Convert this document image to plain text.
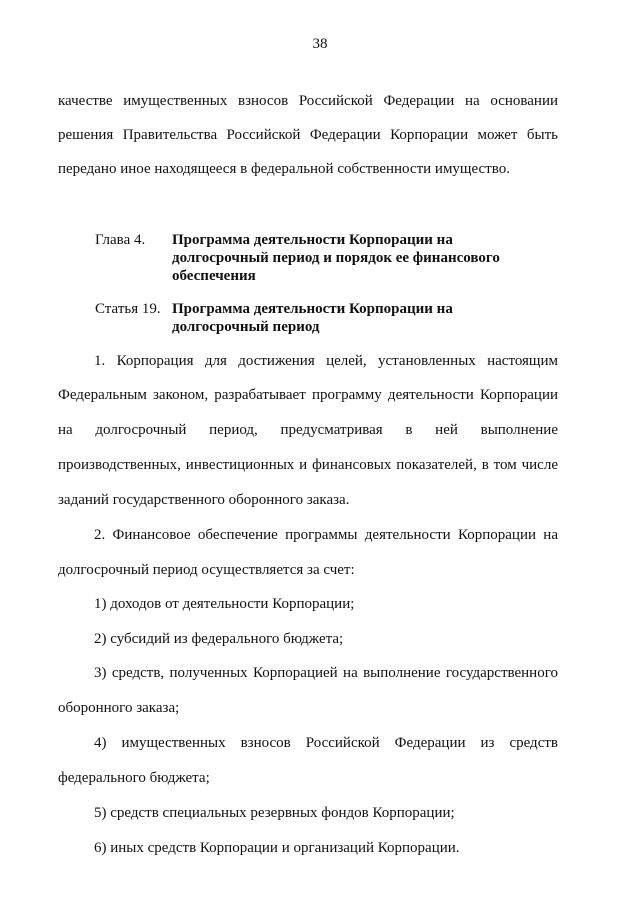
38

качестве имущественных взносов Российской Федерации на основании

решения Правительства Российской Федерации Корпорации может быть

передано иное находящееся в федеральной собственности имущество.

Глава 4.	Программа деятельности Корпорации на долгосрочный период и порядок ее финансового обеспечения
Статья 19. Программа деятельности Корпорации на долгосрочный период

1. Корпорация для достижения целей, установленных настоящим

Федеральным законом, разрабатывает программу деятельности Корпорации

на долгосрочный период, предусматривая в ней выполнение

производственных, инвестиционных и финансовых показателей, в том числе

заданий государственного оборонного заказа.

2. Финансовое обеспечение программы деятельности Корпорации на

долгосрочный период осуществляется за счет:

1) доходов от деятельности Корпорации;

2) субсидий из федерального бюджета;

3) средств, полученных Корпорацией на выполнение государственного

оборонного заказа;

4) имущественных взносов Российской Федерации из средств

федерального бюджета;

5) средств специальных резервных фондов Корпорации;

6) иных средств Корпорации и организаций Корпорации.
